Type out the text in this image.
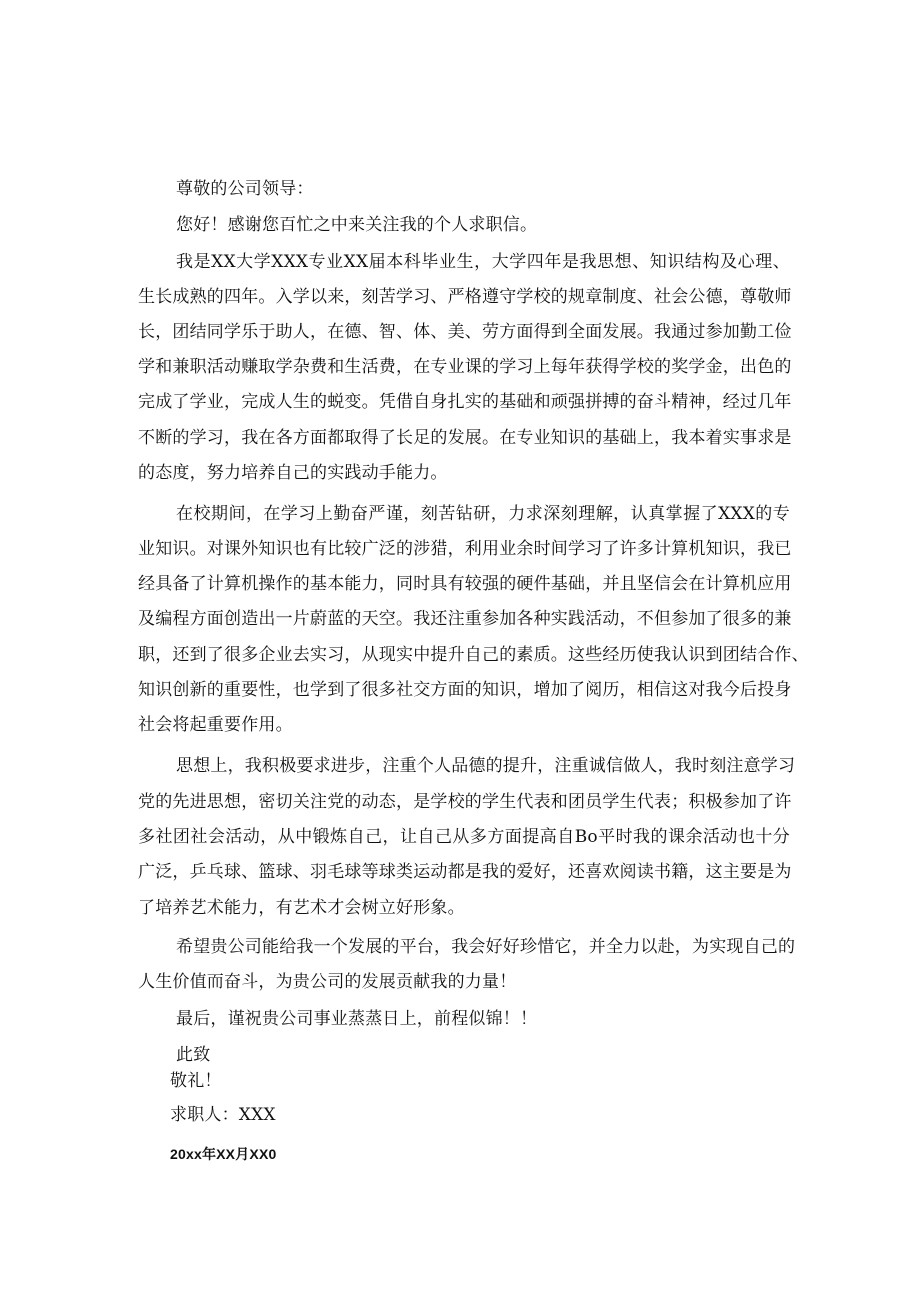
尊敬的公司领导：
您好！感谢您百忙之中来关注我的个人求职信。
我是XX大学XXX专业XX届本科毕业生，大学四年是我思想、知识结构及心理、
生长成熟的四年。入学以来，刻苦学习、严格遵守学校的规章制度、社会公德，尊敬师
长，团结同学乐于助人，在德、智、体、美、劳方面得到全面发展。我通过参加勤工俭
学和兼职活动赚取学杂费和生活费，在专业课的学习上每年获得学校的奖学金，出色的
完成了学业，完成人生的蜕变。凭借自身扎实的基础和顽强拼搏的奋斗精神，经过几年
不断的学习，我在各方面都取得了长足的发展。在专业知识的基础上，我本着实事求是
的态度，努力培养自己的实践动手能力。
在校期间，在学习上勤奋严谨，刻苦钻研，力求深刻理解，认真掌握了XXX的专
业知识。对课外知识也有比较广泛的涉猎，利用业余时间学习了许多计算机知识，我已
经具备了计算机操作的基本能力，同时具有较强的硬件基础，并且坚信会在计算机应用
及编程方面创造出一片蔚蓝的天空。我还注重参加各种实践活动，不但参加了很多的兼
职，还到了很多企业去实习，从现实中提升自己的素质。这些经历使我认识到团结合作、
知识创新的重要性，也学到了很多社交方面的知识，增加了阅历，相信这对我今后投身
社会将起重要作用。
思想上，我积极要求进步，注重个人品德的提升，注重诚信做人，我时刻注意学习
党的先进思想，密切关注党的动态，是学校的学生代表和团员学生代表；积极参加了许
多社团社会活动，从中锻炼自己，让自己从多方面提高自Bo平时我的课余活动也十分
广泛，乒乓球、篮球、羽毛球等球类运动都是我的爱好，还喜欢阅读书籍，这主要是为
了培养艺术能力，有艺术才会树立好形象。
希望贵公司能给我一个发展的平台，我会好好珍惜它，并全力以赴，为实现自己的
人生价值而奋斗，为贵公司的发展贡献我的力量！
最后，谨祝贵公司事业蒸蒸日上，前程似锦！！
此致
敬礼！
求职人：XXX
20xx年XX月XX0
